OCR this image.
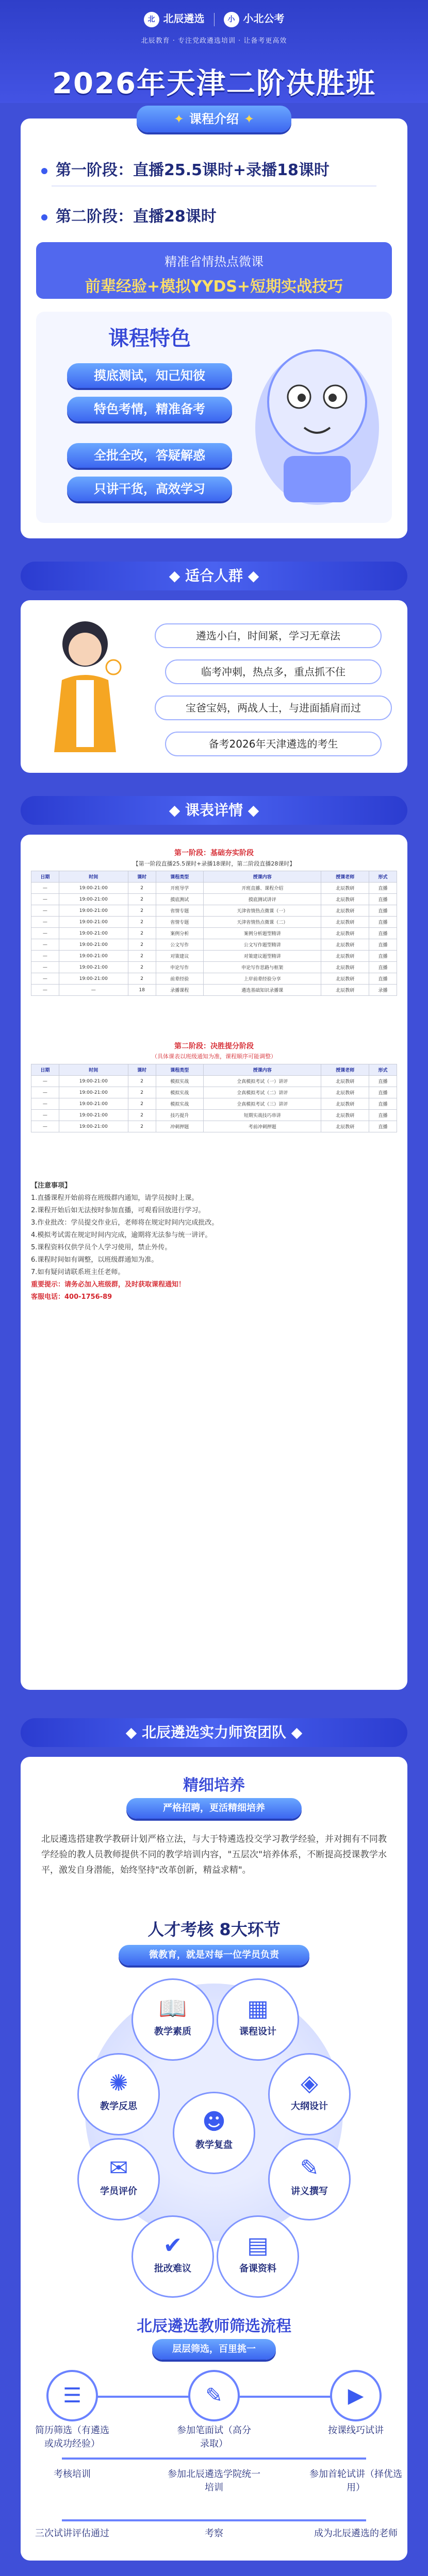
北 北辰遴选	小 小北公考
北辰教育 · 专注党政遴选培训 · 让备考更高效
2026年天津二阶决胜班
✦ 课程介绍 ✦
第一阶段：直播25.5课时+录播18课时
第二阶段：直播28课时
精准省情热点微课
前辈经验+模拟YYDS+短期实战技巧
课程特色
摸底测试，知己知彼
特色考情，精准备考
全批全改，答疑解惑
只讲干货，高效学习
◆ 适合人群 ◆
遴选小白，时间紧，学习无章法
临考冲刺，热点多，重点抓不住
宝爸宝妈，两战人士，与进面插肩而过
备考2026年天津遴选的考生
◆ 课表详情 ◆
第一阶段：基础夯实阶段
【第一阶段直播25.5课时+录播18课时，第二阶段直播28课时】
日期	时间	课时	课程类型	授课内容	授课老师	形式
—	19:00-21:00	2	开班导学	开班直播、课程介绍	北辰教研	直播
—	19:00-21:00	2	摸底测试	摸底测试讲评	北辰教研	直播
—	19:00-21:00	2	省情专题	天津省情热点微课（一）	北辰教研	直播
—	19:00-21:00	2	省情专题	天津省情热点微课（二）	北辰教研	直播
—	19:00-21:00	2	案例分析	案例分析题型精讲	北辰教研	直播
—	19:00-21:00	2	公文写作	公文写作题型精讲	北辰教研	直播
—	19:00-21:00	2	对策建议	对策建议题型精讲	北辰教研	直播
—	19:00-21:00	2	申论写作	申论写作思路与框架	北辰教研	直播
—	19:00-21:00	2	前辈经验	上岸前辈经验分享	北辰教研	直播
—	—	18	录播课程	遴选基础知识录播课	北辰教研	录播
第二阶段：决胜提分阶段
（具体课表以班级通知为准，课程顺序可能调整）
日期	时间	课时	课程类型	授课内容	授课老师	形式
—	19:00-21:00	2	模拟实战	全真模拟考试（一）讲评	北辰教研	直播
—	19:00-21:00	2	模拟实战	全真模拟考试（二）讲评	北辰教研	直播
—	19:00-21:00	2	模拟实战	全真模拟考试（三）讲评	北辰教研	直播
—	19:00-21:00	2	技巧提升	短期实战技巧串讲	北辰教研	直播
—	19:00-21:00	2	冲刺押题	考前冲刺押题	北辰教研	直播
【注意事项】
1.直播课程开始前将在班级群内通知，请学员按时上课。
2.课程开始后如无法按时参加直播，可观看回放进行学习。
3.作业批改：学员提交作业后，老师将在规定时间内完成批改。
4.模拟考试需在规定时间内完成，逾期将无法参与统一讲评。
5.课程资料仅供学员个人学习使用，禁止外传。
6.课程时间如有调整，以班级群通知为准。
7.如有疑问请联系班主任老师。
重要提示：请务必加入班级群，及时获取课程通知！
客服电话：400-1756-89
◆ 北辰遴选实力师资团队 ◆
精细培养
严格招聘，更活精细培养
北辰遴选搭建教学教研计划严格立法，与大于特遴选投交学习教学经验，并对拥有不同教学经验的教人员教师提供不同的教学培训内容，"五层次"培养体系，不断提高授课教学水平，激发自身潜能，始终坚持"改革创新，精益求精"。
人才考核 8大环节
微教育，就是对每一位学员负责
📖
教学素质
▦
课程设计
◈
大纲设计
✎
讲义撰写
▤
备课资料
✔
批改难议
✉
学员评价
✺
教学反思
☻
教学复盘
北辰遴选教师筛选流程
层层筛选，百里挑一
☰
简历筛选（有遴选或成功经验）
✎
参加笔面试（高分录取）
▶
按课线巧试讲
考核培训	参加北辰遴选学院统一培训
参加首轮试讲（择优选用）
三次试讲评估通过	考察	成为北辰遴选的老师
